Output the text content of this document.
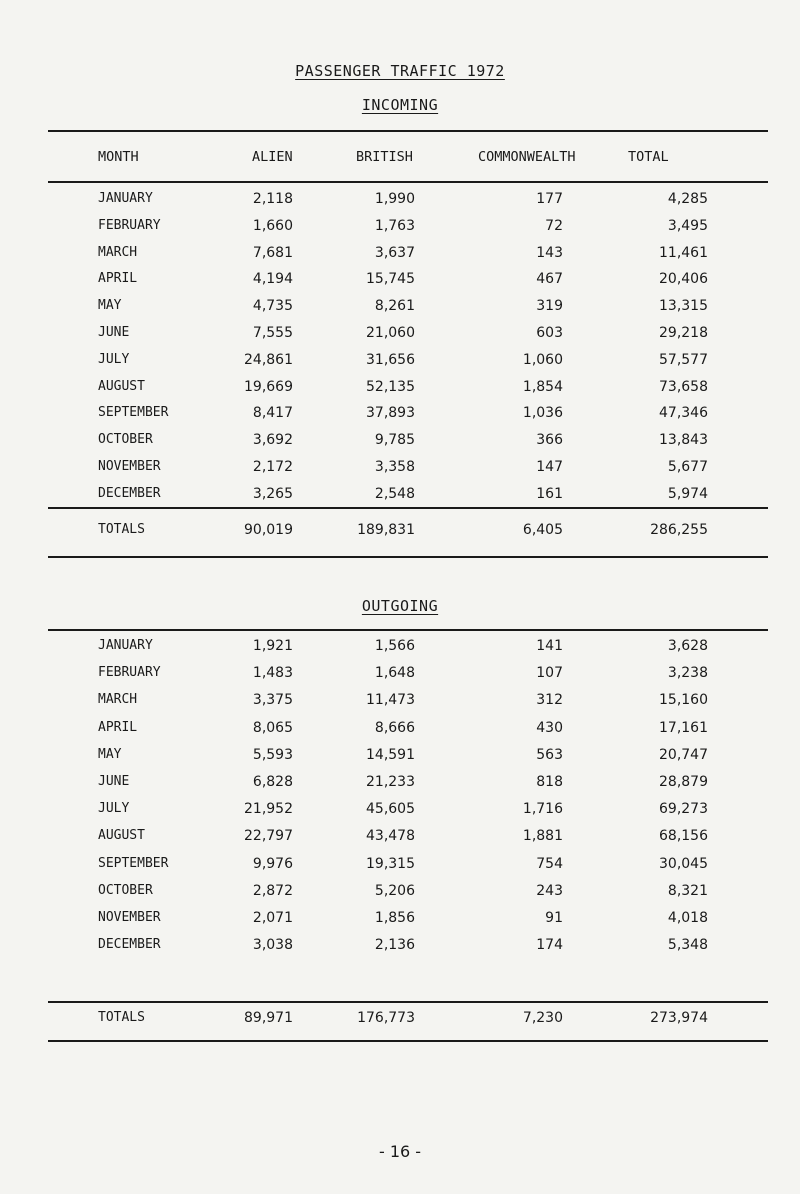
PASSENGER TRAFFIC 1972
INCOMING
MONTH	ALIEN	BRITISH	COMMONWEALTH	TOTAL
JANUARY	2,118	1,990	177	4,285
FEBRUARY	1,660	1,763	72	3,495
MARCH	7,681	3,637	143	11,461
APRIL	4,194	15,745	467	20,406
MAY	4,735	8,261	319	13,315
JUNE	7,555	21,060	603	29,218
JULY	24,861	31,656	1,060	57,577
AUGUST	19,669	52,135	1,854	73,658
SEPTEMBER	8,417	37,893	1,036	47,346
OCTOBER	3,692	9,785	366	13,843
NOVEMBER	2,172	3,358	147	5,677
DECEMBER	3,265	2,548	161	5,974
TOTALS	90,019	189,831	6,405	286,255
OUTGOING
JANUARY	1,921	1,566	141	3,628
FEBRUARY	1,483	1,648	107	3,238
MARCH	3,375	11,473	312	15,160
APRIL	8,065	8,666	430	17,161
MAY	5,593	14,591	563	20,747
JUNE	6,828	21,233	818	28,879
JULY	21,952	45,605	1,716	69,273
AUGUST	22,797	43,478	1,881	68,156
SEPTEMBER	9,976	19,315	754	30,045
OCTOBER	2,872	5,206	243	8,321
NOVEMBER	2,071	1,856	91	4,018
DECEMBER	3,038	2,136	174	5,348
TOTALS	89,971	176,773	7,230	273,974
- 16 -
